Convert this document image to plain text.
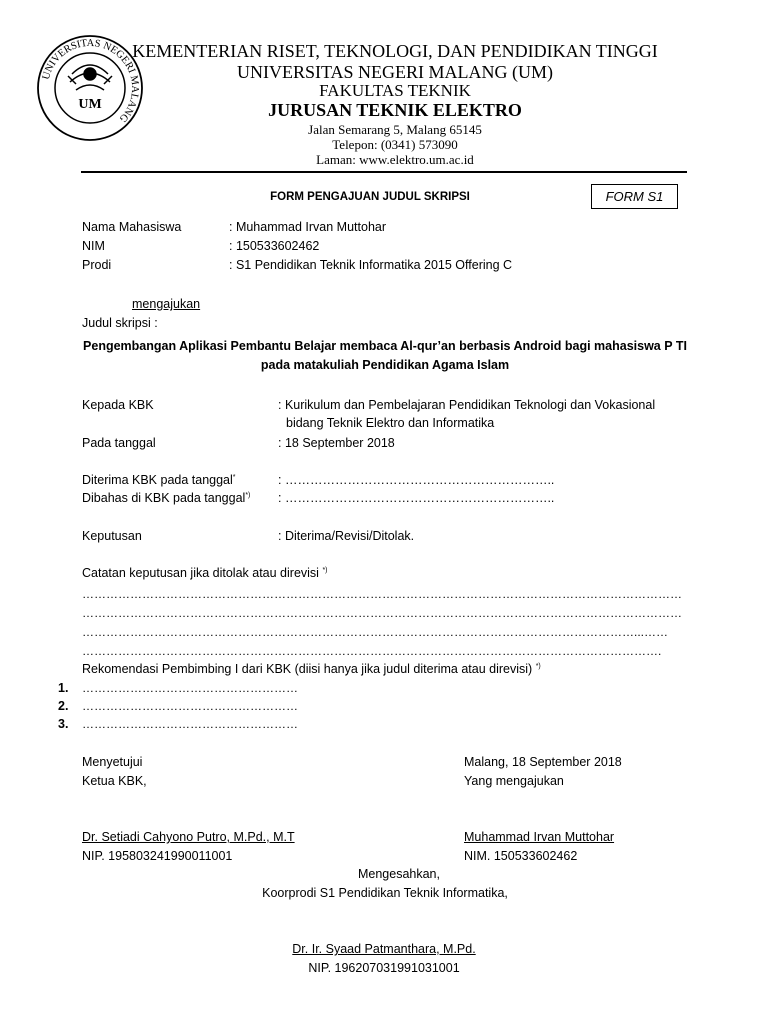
UNIVERSITAS NEGERI MALANG
UM
KEMENTERIAN RISET, TEKNOLOGI, DAN PENDIDIKAN TINGGI
UNIVERSITAS NEGERI MALANG (UM)
FAKULTAS TEKNIK
JURUSAN TEKNIK ELEKTRO
Jalan Semarang 5, Malang 65145
Telepon: (0341) 573090
Laman: www.elektro.um.ac.id
FORM PENGAJUAN JUDUL SKRIPSI	FORM S1
Nama Mahasiswa	: Muhammad Irvan Muttohar
NIM	: 150533602462
Prodi	: S1 Pendidikan Teknik Informatika 2015 Offering C
mengajukan
Judul skripsi :
Pengembangan Aplikasi Pembantu Belajar membaca Al-qur’an berbasis Android bagi mahasiswa P TI
pada matakuliah Pendidikan Agama Islam
Kepada KBK	: Kurikulum dan Pembelajaran Pendidikan Teknologi dan Vokasional
bidang Teknik Elektro dan Informatika
Pada tanggal	: 18 September 2018
Diterima KBK pada tanggal*	: ………………………………………………………..
Dibahas di KBK pada tanggal*) : ………………………………………………………..
Keputusan	: Diterima/Revisi/Ditolak.
Catatan keputusan jika ditolak atau direvisi *)
……………………………………………………………………………………………………………………………………
……………………………………………………………………………………………………………………………………
…………………………………………………………………………………………………………………………...……
……………………………………………………………………………………………………………………………….
Rekomendasi Pembimbing I dari KBK (diisi hanya jika judul diterima atau direvisi) *)
1. ………………………………………………
2. ………………………………………………
3. ………………………………………………
Menyetujui
Ketua KBK,
Malang, 18 September 2018
Yang mengajukan
Dr. Setiadi Cahyono Putro, M.Pd., M.T
NIP. 195803241990011001
Muhammad Irvan Muttohar
NIM. 150533602462
Mengesahkan,
Koorprodi S1 Pendidikan Teknik Informatika,
Dr. Ir. Syaad Patmanthara, M.Pd.
NIP. 196207031991031001
